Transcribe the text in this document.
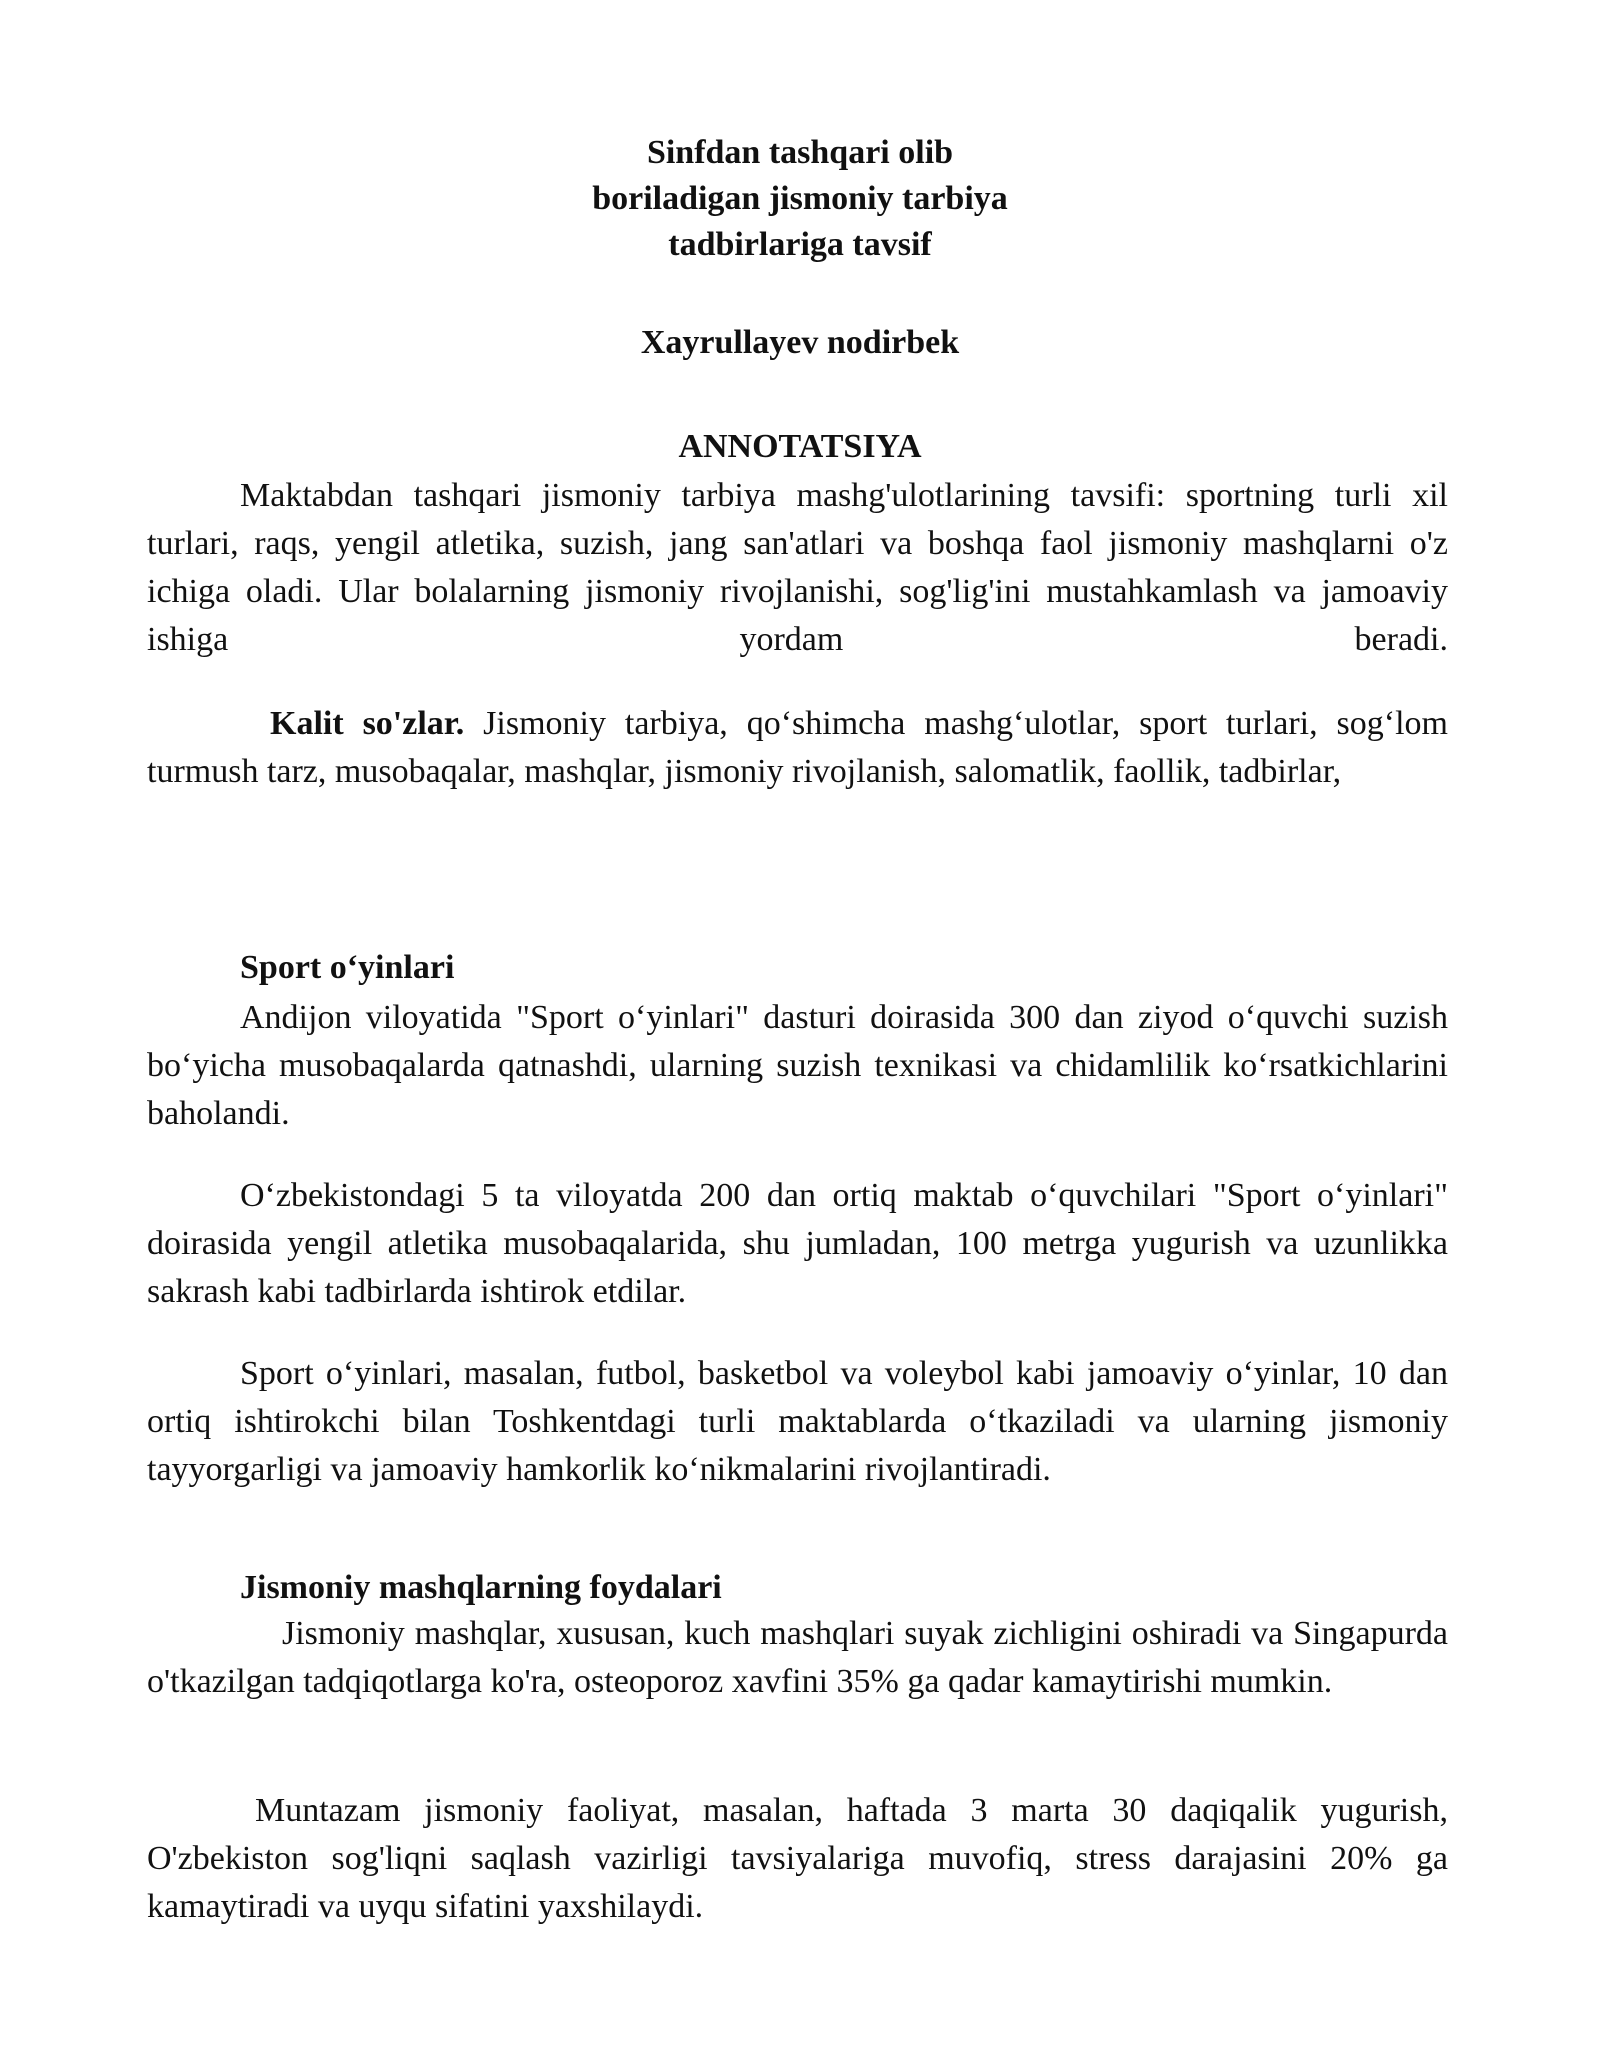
Sinfdan tashqari olib
boriladigan jismoniy tarbiya
tadbirlariga tavsif
Xayrullayev nodirbek
ANNOTATSIYA

Maktabdan tashqari jismoniy tarbiya mashg'ulotlarining tavsifi: sportning turli xil turlari, raqs, yengil atletika, suzish, jang san'atlari va boshqa faol jismoniy mashqlarni o'z ichiga oladi. Ular bolalarning jismoniy rivojlanishi, sog'lig'ini mustahkamlash va jamoaviy ishiga yordam beradi.

Kalit so'zlar. Jismoniy tarbiya, qo‘shimcha mashg‘ulotlar, sport turlari, sog‘lom turmush tarz, musobaqalar, mashqlar, jismoniy rivojlanish, salomatlik, faollik, tadbirlar,

Sport o‘yinlari

Andijon viloyatida "Sport o‘yinlari" dasturi doirasida 300 dan ziyod o‘quvchi suzish bo‘yicha musobaqalarda qatnashdi, ularning suzish texnikasi va chidamlilik ko‘rsatkichlarini baholandi.

O‘zbekistondagi 5 ta viloyatda 200 dan ortiq maktab o‘quvchilari "Sport o‘yinlari" doirasida yengil atletika musobaqalarida, shu jumladan, 100 metrga yugurish va uzunlikka sakrash kabi tadbirlarda ishtirok etdilar.

Sport o‘yinlari, masalan, futbol, basketbol va voleybol kabi jamoaviy o‘yinlar, 10 dan ortiq ishtirokchi bilan Toshkentdagi turli maktablarda o‘tkaziladi va ularning jismoniy tayyorgarligi va jamoaviy hamkorlik ko‘nikmalarini rivojlantiradi.

Jismoniy mashqlarning foydalari

Jismoniy mashqlar, xususan, kuch mashqlari suyak zichligini oshiradi va Singapurda o'tkazilgan tadqiqotlarga ko'ra, osteoporoz xavfini 35% ga qadar kamaytirishi mumkin.

Muntazam jismoniy faoliyat, masalan, haftada 3 marta 30 daqiqalik yugurish, O'zbekiston sog'liqni saqlash vazirligi tavsiyalariga muvofiq, stress darajasini 20% ga kamaytiradi va uyqu sifatini yaxshilaydi.
